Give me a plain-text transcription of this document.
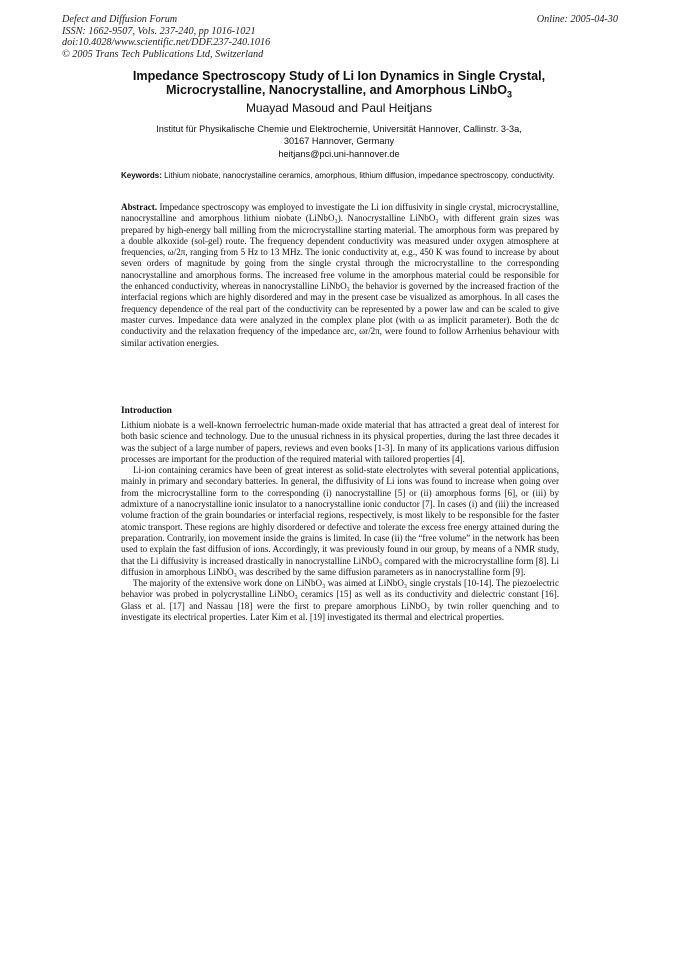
Defect and Diffusion Forum
ISSN: 1662-9507, Vols. 237-240, pp 1016-1021
doi:10.4028/www.scientific.net/DDF.237-240.1016
© 2005 Trans Tech Publications Ltd, Switzerland
Online: 2005-04-30
Impedance Spectroscopy Study of Li Ion Dynamics in Single Crystal,
Microcrystalline, Nanocrystalline, and Amorphous LiNbO$_3$
Muayad Masoud and Paul Heitjans
Institut für Physikalische Chemie und Elektrochemie, Universität Hannover, Callinstr. 3-3a,
30167 Hannover, Germany
heitjans@pci.uni-hannover.de
Keywords: Lithium niobate, nanocrystalline ceramics, amorphous, lithium diffusion, impedance spectroscopy, conductivity.
Abstract. Impedance spectroscopy was employed to investigate the Li ion diffusivity in single crystal, microcrystalline, nanocrystalline and amorphous lithium niobate (LiNbO₃). Nanocrystalline LiNbO₃ with different grain sizes was prepared by high-energy ball milling from the microcrystalline starting material. The amorphous form was prepared by a double alkoxide (sol-gel) route. The frequency dependent conductivity was measured under oxygen atmosphere at frequencies, ω/2π, ranging from 5 Hz to 13 MHz. The ionic conductivity at, e.g., 450 K was found to increase by about seven orders of magnitude by going from the single crystal through the microcrystalline to the corresponding nanocrystalline and amorphous forms. The increased free volume in the amorphous material could be responsible for the enhanced conductivity, whereas in nanocrystalline LiNbO₃ the behavior is governed by the increased fraction of the interfacial regions which are highly disordered and may in the present case be visualized as amorphous. In all cases the frequency dependence of the real part of the conductivity can be represented by a power law and can be scaled to give master curves. Impedance data were analyzed in the complex plane plot (with ω as implicit parameter). Both the dc conductivity and the relaxation frequency of the impedance arc, ωr/2π, were found to follow Arrhenius behaviour with similar activation energies.
Introduction

Lithium niobate is a well-known ferroelectric human-made oxide material that has attracted a great deal of interest for both basic science and technology. Due to the unusual richness in its physical properties, during the last three decades it was the subject of a large number of papers, reviews and even books [1-3]. In many of its applications various diffusion processes are important for the production of the required material with tailored properties [4].

Li-ion containing ceramics have been of great interest as solid-state electrolytes with several potential applications, mainly in primary and secondary batteries. In general, the diffusivity of Li ions was found to increase when going over from the microcrystalline form to the corresponding (i) nanocrystalline [5] or (ii) amorphous forms [6], or (iii) by admixture of a nanocrystalline ionic insulator to a nanocrystalline ionic conductor [7]. In cases (i) and (iii) the increased volume fraction of the grain boundaries or interfacial regions, respectively, is most likely to be responsible for the faster atomic transport. These regions are highly disordered or defective and tolerate the excess free energy attained during the preparation. Contrarily, ion movement inside the grains is limited. In case (ii) the “free volume” in the network has been used to explain the fast diffusion of ions. Accordingly, it was previously found in our group, by means of a NMR study, that the Li diffusivity is increased drastically in nanocrystalline LiNbO₃ compared with the microcrystalline form [8]. Li diffusion in amorphous LiNbO₃ was described by the same diffusion parameters as in nanocrystalline form [9].

The majority of the extensive work done on LiNbO₃ was aimed at LiNbO₃ single crystals [10-14]. The piezoelectric behavior was probed in polycrystalline LiNbO₃ ceramics [15] as well as its conductivity and dielectric constant [16]. Glass et al. [17] and Nassau [18] were the first to prepare amorphous LiNbO₃ by twin roller quenching and to investigate its electrical properties. Later Kim et al. [19] investigated its thermal and electrical properties.
